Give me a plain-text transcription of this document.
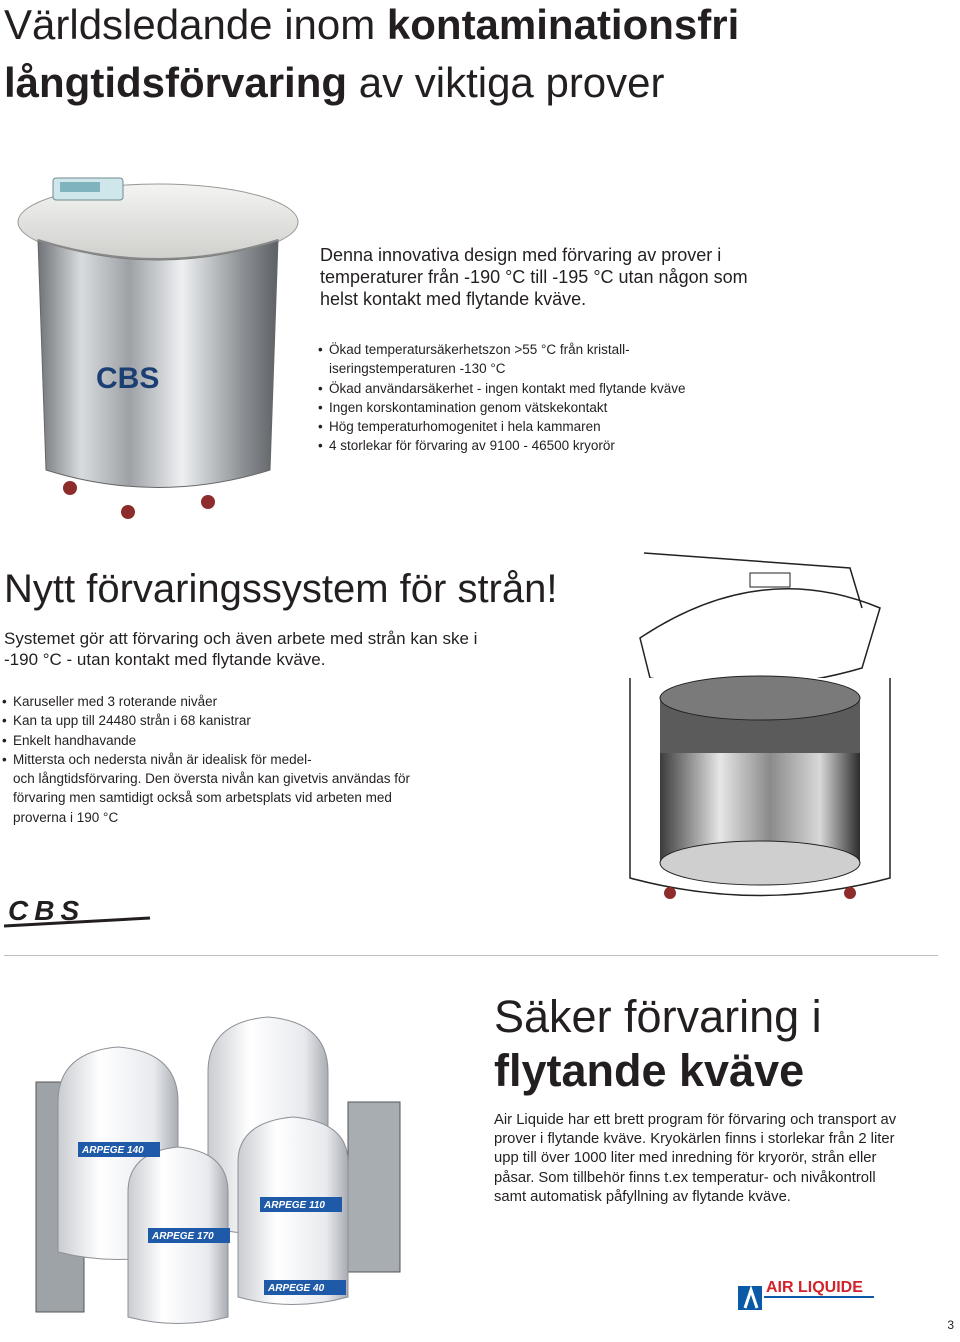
Världsledande inom kontaminationsfri
långtidsförvaring av viktiga prover
CBS
Denna innovativa design med förvaring av prover i temperaturer från -190 °C till -195 °C utan någon som helst kontakt med flytande kväve.
• Ökad temperatursäkerhetszon >55 °C från kristall-
iseringstemperaturen -130 °C
• Ökad användarsäkerhet - ingen kontakt med flytande kväve
• Ingen korskontamination genom vätskekontakt
• Hög temperaturhomogenitet i hela kammaren
• 4 storlekar för förvaring av 9100 - 46500 kryorör
Nytt förvaringssystem för strån!
Systemet gör att förvaring och även arbete med strån kan ske i -190 °C - utan kontakt med flytande kväve.
• Karuseller med 3 roterande nivåer
• Kan ta upp till 24480 strån i 68 kanistrar
• Enkelt handhavande
• Mittersta och nedersta nivån är idealisk för medel-
och långtidsförvaring. Den översta nivån kan givetvis användas för förvaring men samtidigt också som arbetsplats vid arbeten med proverna i 190 °C
CBS
ARPEGE 140
ARPEGE 170
ARPEGE 110
ARPEGE 40
Säker förvaring i
flytande kväve
Air Liquide har ett brett program för förvaring och transport av prover i flytande kväve. Kryokärlen finns i storlekar från 2 liter upp till över 1000 liter med inredning för kryorör, strån eller påsar. Som tillbehör finns t.ex temperatur- och nivåkontroll samt automatisk påfyllning av flytande kväve.
AIR LIQUIDE
3
